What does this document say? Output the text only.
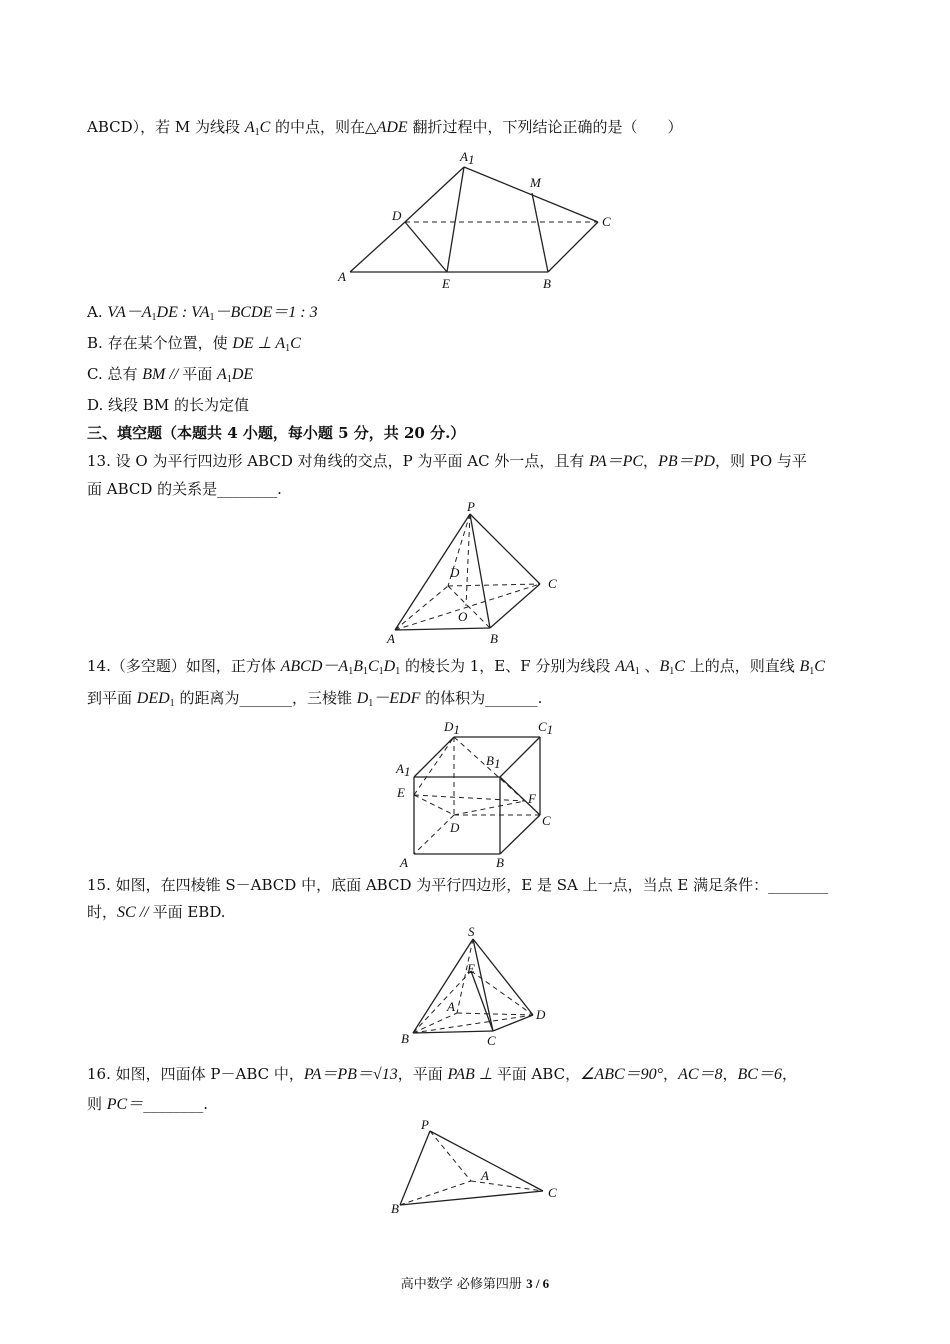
ABCD），若 M 为线段 $A_1C$ 的中点，则在△ADE 翻折过程中，下列结论正确的是（　　）
A1
M
D	C
A	E	B
A. $VA-A_1DE$ : $VA_1-BCDE=1$ : 3
B. 存在某个位置，使 DE ⊥ $A_1C$
C. 总有 BM // 平面 $A_1DE$
D. 线段 BM 的长为定值
三、填空题（本题共 4 小题，每小题 5 分，共 20 分.）
13. 设 O 为平行四边形 ABCD 对角线的交点，P 为平面 AC 外一点，且有 PA＝PC，PB＝PD，则 PO 与平
面 ABCD 的关系是________.
P
D
C
O
A	B
14.（多空题）如图，正方体 $ABCD-A_1B_1C_1D_1$ 的棱长为 1，E、F 分别为线段 $AA_1$ 、$B_1C$ 上的点，则直线 $B_1C$
到平面 $DED_1$ 的距离为_______，三棱锥 $D_1-EDF$ 的体积为_______.
D1	C1
B1
A1
E	F
D	C
A	B
15. 如图，在四棱锥 S－ABCD 中，底面 ABCD 为平行四边形，E 是 SA 上一点，当点 E 满足条件：________
时，SC // 平面 EBD.
S
E
A
D
B	C
16. 如图，四面体 P－ABC 中，PA＝PB＝√13，平面 PAB ⊥ 平面 ABC，∠ABC＝90°，AC＝8，BC＝6，
则 PC＝________.
P
A
C
B
高中数学 必修第四册 3 / 6
